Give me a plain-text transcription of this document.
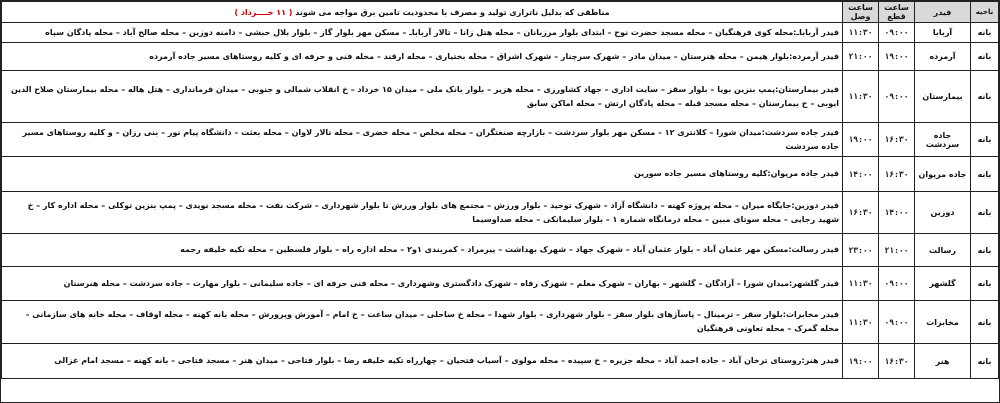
ناحیه	فیدر	ساعت قطع	ساعت وصل	مناطقی که بدلیل ناترازی تولید و مصرف با محدودیت تامین برق مواجه می شوند ( ۱۱ خــــرداد )
بانه	آربابا	۰۹:۰۰	۱۱:۳۰	فیدر آرباباـ:محله کوی فرهنگیان – محله مسجد حضرت نوح – ابتدای بلوار مرزبانان – محله هتل زانا – تالار آرباباـ – مسکن مهر بلوار گاز – بلوار بلال حبشی – دامنه دوزین – محله صالح آباد – محله پادگان سپاه
بانه	آرمرده	۱۹:۰۰	۲۱:۰۰	فیدر آرمرده:بلوار هیمن – محله هنرستان – میدان مادر – شهرک سرچنار – شهرک اشراق – محله بختیاری – محله ارقند – محله فنی و حرفه ای و کلیه روستاهای مسیر جاده آرمرده
بانه	بیمارستان	۰۹:۰۰	۱۱:۳۰	فیدر بیمارستان:پمپ بنزین بویا – بلوار سقز – سایت اداری – جهاد کشاورزی – محله هزیر – بلوار بانک ملی – میدان ۱۵ خرداد – خ انقلاب شمالی و جنوبی – میدان فرمانداری – هتل هاله – محله بیمارستان صلاح الدین ایوبی – خ بیمارستان – محله مسجد قبله – محله پادگان ارتش – محله اماکن سابق
بانه	جاده سردشت	۱۶:۳۰	۱۹:۰۰	فیدر جاده سردشت:میدان شورا – کلانتری ۱۲ – مسکن مهر بلوار سردشت – بازارچه صنعتگران – محله مخلص – محله خضری – محله تالار لاوان – محله بعثت – دانشگاه پیام نور – بنی رزان – و کلیه روستاهای مسیر جاده سردشت
بانه	جاده مریوان	۱۶:۳۰	۱۴:۰۰	فیدر جاده مریوان:کلیه روستاهای مسیر جاده سورین
بانه	دوزین	۱۴:۰۰	۱۶:۳۰	فیدر دوزین:جایگاه میران – محله پروژه کهنه – دانشگاه آزاد – شهرک توحید – بلوار ورزش – مجتمع های بلوار ورزش تا بلوار شهرداری – شرکت نفت – محله مسجد نویدی – پمپ بنزین توکلی – محله اداره کار – خ شهید رجایی – محله سوتای مبین – محله درمانگاه شماره ۱ – بلوار سلیمانکی – محله صداوسیما
بانه	رسالت	۲۱:۰۰	۲۳:۰۰	فیدر رسالت:مسکن مهر عثمان آباد – بلوار عثمان آباد – شهرک جهاد – شهرک بهداشت – پیرمراد – کمربندی ۱و۲ – محله اداره راه – بلوار فلسطین – محله تکیه خلیفه رحمه
بانه	گلشهر	۰۹:۰۰	۱۱:۳۰	فیدر گلشهر:میدان شورا – آزادگان – گلشهر – بهاران – شهرک معلم – شهرک رفاه – شهرک دادگستری وشهرداری – محله فنی حرفه ای – جاده سلیمانی – بلوار مهارت – جاده سردشت – محله هنرستان
بانه	مخابرات	۰۹:۰۰	۱۱:۳۰	فیدر مخابرات:بلوار سقز – ترمینال – پاسآژهای بلوار سقز – بلوار شهرداری – بلوار شهدا – محله خ ساحلی – میدان ساعت – خ امام – آموزش وپرورش – محله بانه کهنه – محله اوقاف – محله خانه های سازمانی – محله گمرک – محله تعاونی فرهنگیان
بانه	هنر	۱۶:۳۰	۱۹:۰۰	فیدر هنر:روستای ترخان آباد – جاده احمد آباد – محله جزیره – خ سپیده – محله مولوی – آسیاب فتحیان – چهارراه تکیه خلیفه رضا – بلوار فتاحی – میدان هنر – مسجد فتاحی – بانه کهنه – مسجد امام غزالی
